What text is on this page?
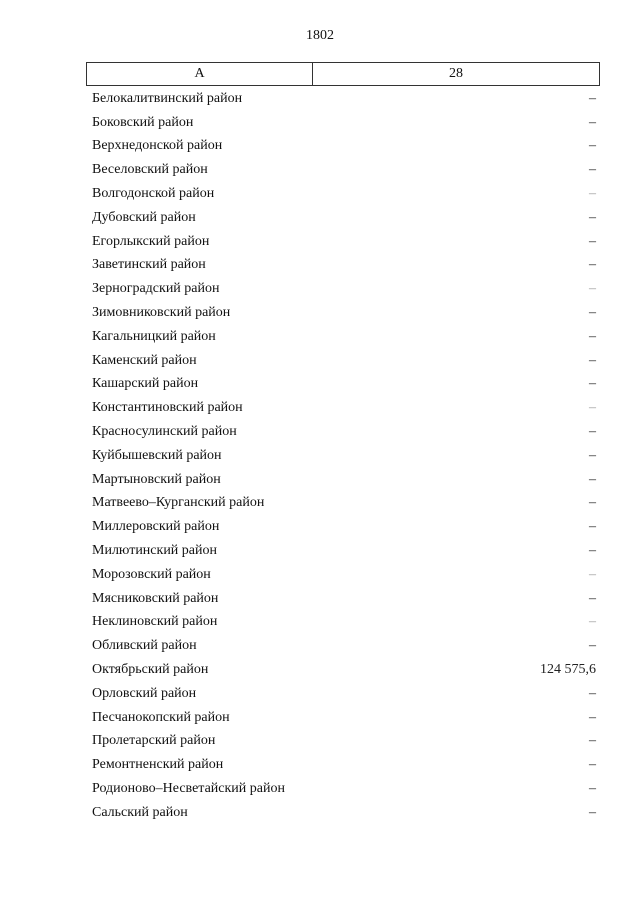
1802
А	28
Белокалитвинский район	–
Боковский район	–
Верхнедонской район	–
Веселовский район	–
Волгодонской район	–
Дубовский район	–
Егорлыкский район	–
Заветинский район	–
Зерноградский район	–
Зимовниковский район	–
Кагальницкий район	–
Каменский район	–
Кашарский район	–
Константиновский район	–
Красносулинский район	–
Куйбышевский район	–
Мартыновский район	–
Матвеево–Курганский район	–
Миллеровский район	–
Милютинский район	–
Морозовский район	–
Мясниковский район	–
Неклиновский район	–
Обливский район	–
Октябрьский район	124 575,6
Орловский район	–
Песчанокопский район	–
Пролетарский район	–
Ремонтненский район	–
Родионово–Несветайский район	–
Сальский район	–
